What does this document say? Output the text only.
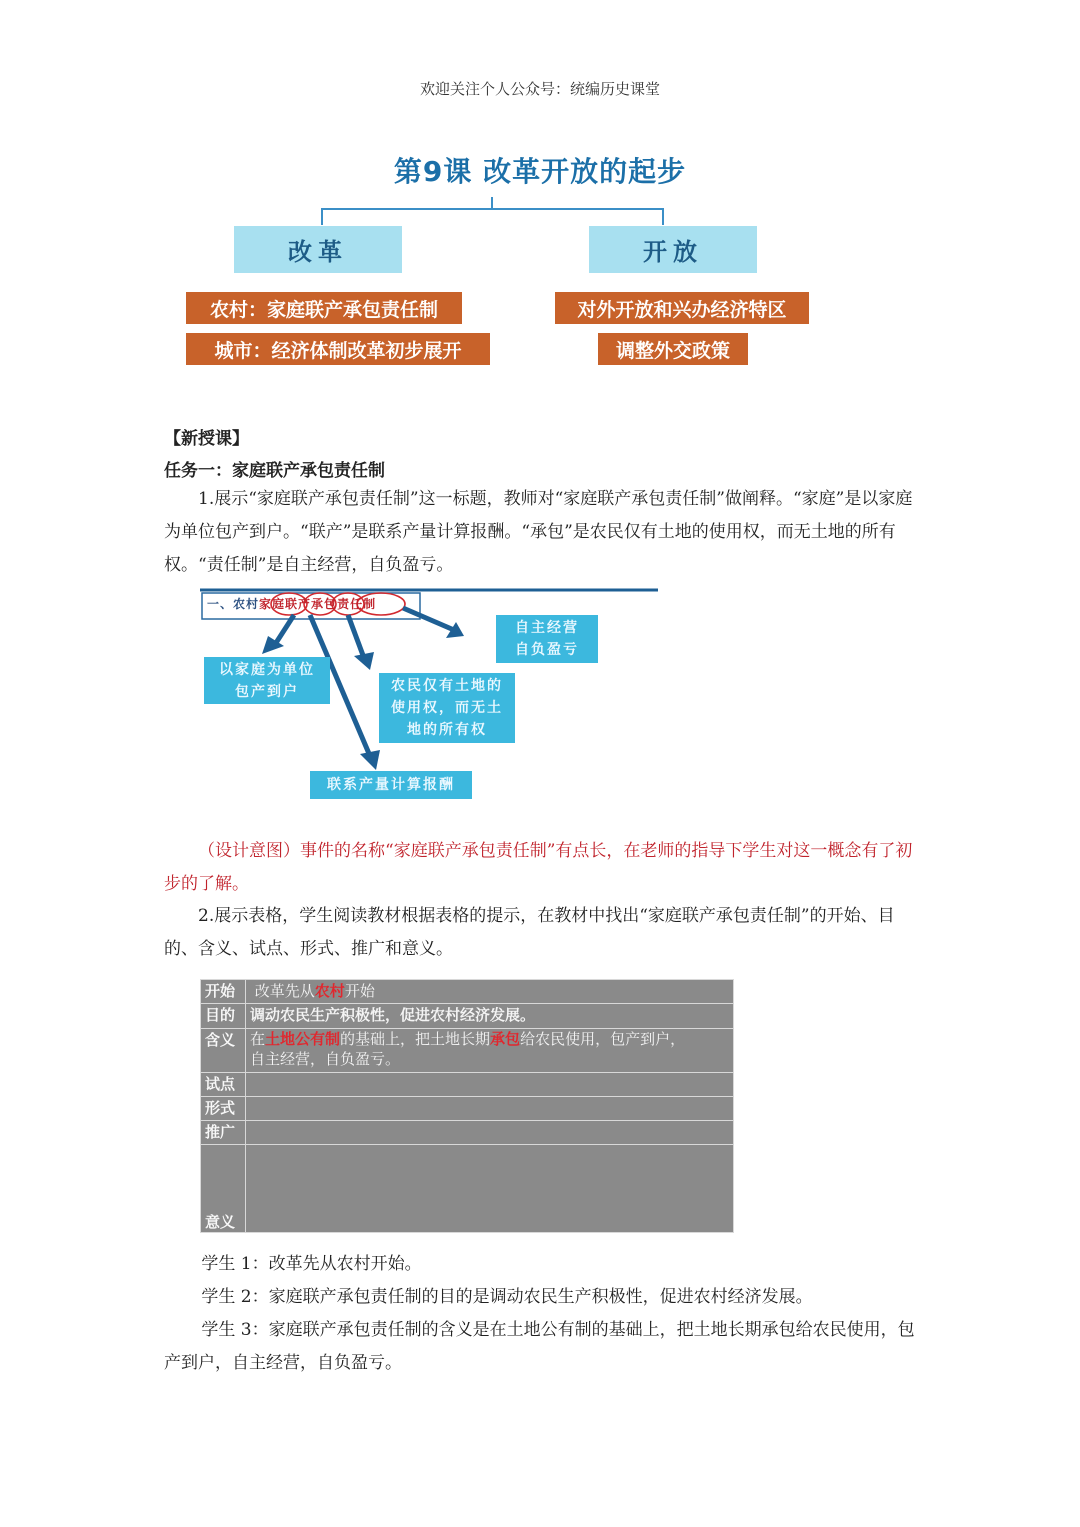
欢迎关注个人公众号：统编历史课堂
第9课 改革开放的起步
改革	开放
农村：家庭联产承包责任制
城市：经济体制改革初步展开
对外开放和兴办经济特区
调整外交政策
【新授课】
任务一：家庭联产承包责任制
1.展示“家庭联产承包责任制”这一标题，教师对“家庭联产承包责任制”做阐释。“家庭”是以家庭为单位包产到户。“联产”是联系产量计算报酬。“承包”是农民仅有土地的使用权，而无土地的所有权。“责任制”是自主经营，自负盈亏。
一、农村家庭联产承包责任制
自主经营
自负盈亏
以家庭为单位
包产到户	农民仅有土地的
使用权，而无土
地的所有权
联系产量计算报酬
（设计意图）事件的名称“家庭联产承包责任制”有点长，在老师的指导下学生对这一概念有了初步的了解。
2.展示表格，学生阅读教材根据表格的提示，在教材中找出“家庭联产承包责任制”的开始、目的、含义、试点、形式、推广和意义。
开始	改革先从农村开始
目的	调动农民生产积极性，促进农村经济发展。
含义	在土地公有制的基础上，把土地长期承包给农民使用，包产到户，
自主经营，自负盈亏。
试点	
形式	
推广	
意义	
学生 1：改革先从农村开始。
学生 2：家庭联产承包责任制的目的是调动农民生产积极性，促进农村经济发展。
学生 3：家庭联产承包责任制的含义是在土地公有制的基础上，把土地长期承包给农民使用，包产到户，自主经营，自负盈亏。
